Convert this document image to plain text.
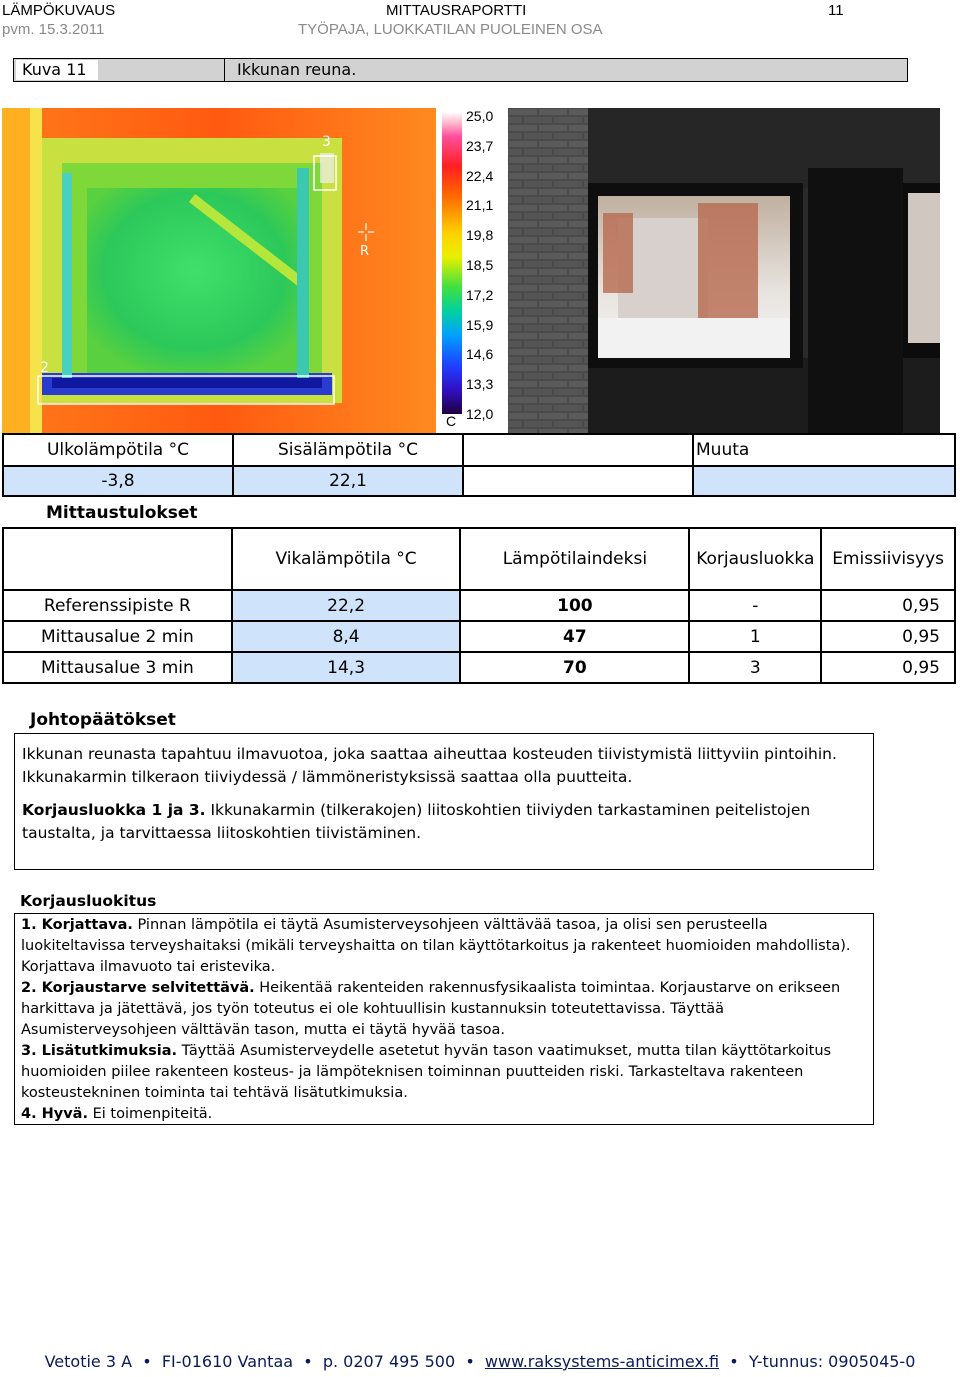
LÄMPÖKUVAUS
pvm. 15.3.2011
MITTAUSRAPORTTI
TYÖPAJA, LUOKKATILAN PUOLEINEN OSA
11
Kuva 11	Ikkunan reuna.
3
2
R
25,0
23,7
22,4
21,1
19,8
18,5
17,2
15,9
14,6
13,3
12,0
C
Ulkolämpötila °C	Sisälämpötila °C		Muuta
-3,8	22,1		
Mittaustulokset
	Vikalämpötila °C	Lämpötilaindeksi	Korjausluokka	Emissiivisyys
Referenssipiste R	22,2	100	-	0,95
Mittausalue 2 min	8,4	47	1	0,95
Mittausalue 3 min	14,3	70	3	0,95
Johtopäätökset

Ikkunan reunasta tapahtuu ilmavuotoa, joka saattaa aiheuttaa kosteuden tiivistymistä liittyviin pintoihin.

Ikkunakarmin tilkeraon tiiviydessä / lämmöneristyksissä saattaa olla puutteita.

Korjausluokka 1 ja 3. Ikkunakarmin (tilkerakojen) liitoskohtien tiiviyden tarkastaminen peitelistojen

taustalta, ja tarvittaessa liitoskohtien tiivistäminen.

Korjausluokitus

1. Korjattava. Pinnan lämpötila ei täytä Asumisterveysohjeen välttävää tasoa, ja olisi sen perusteella luokiteltavissa terveyshaitaksi (mikäli terveyshaitta on tilan käyttötarkoitus ja rakenteet huomioiden mahdollista). Korjattava ilmavuoto tai eristevika.

2. Korjaustarve selvitettävä. Heikentää rakenteiden rakennusfysikaalista toimintaa. Korjaustarve on erikseen harkittava ja jätettävä, jos työn toteutus ei ole kohtuullisin kustannuksin toteutettavissa. Täyttää Asumisterveysohjeen välttävän tason, mutta ei täytä hyvää tasoa.

3. Lisätutkimuksia. Täyttää Asumisterveydelle asetetut hyvän tason vaatimukset, mutta tilan käyttötarkoitus huomioiden piilee rakenteen kosteus- ja lämpöteknisen toiminnan puutteiden riski. Tarkasteltava rakenteen kosteustekninen toiminta tai tehtävä lisätutkimuksia.

4. Hyvä. Ei toimenpiteitä.

Vetotie 3 A  •  FI-01610 Vantaa  •  p. 0207 495 500  •  www.raksystems-anticimex.fi  •  Y-tunnus: 0905045-0
